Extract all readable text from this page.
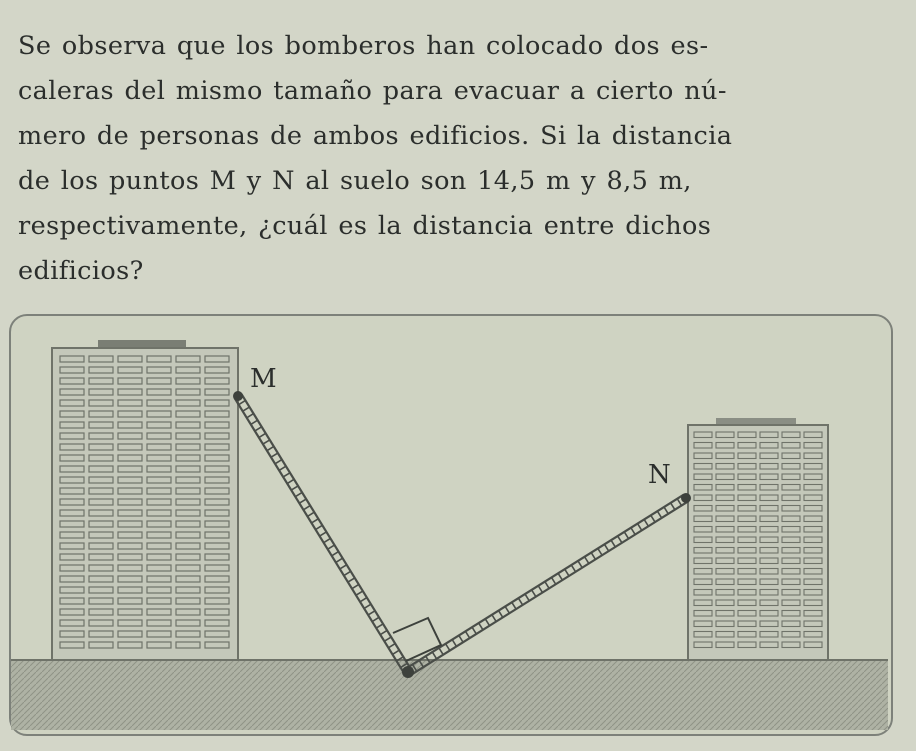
Se observa que los bomberos han colocado dos es-
caleras del mismo tamaño para evacuar a cierto nú-
mero de personas de ambos edificios. Si la distancia
de los puntos M y N al suelo son 14,5 m y 8,5 m,
respectivamente, ¿cuál es la distancia entre dichos
edificios?
M
N
